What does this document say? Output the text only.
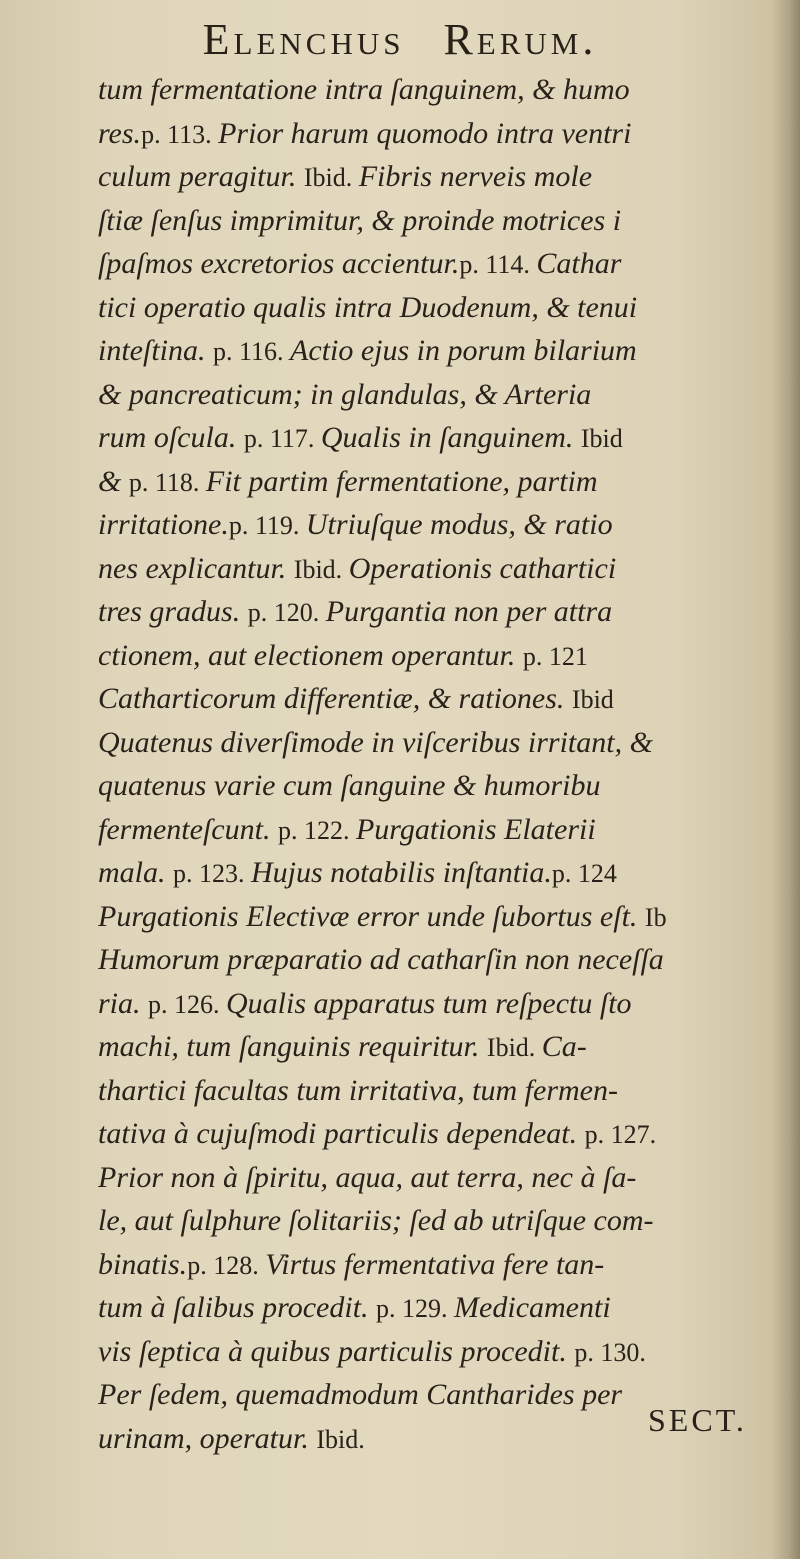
Elenchus Rerum.
tum fermentatione intra ſanguinem, & humo
res.p. 113. Prior harum quomodo intra ventri
culum peragitur. Ibid. Fibris nerveis mole
ſtiæ ſenſus imprimitur, & proinde motrices i
ſpaſmos excretorios accientur.p. 114. Cathar
tici operatio qualis intra Duodenum, & tenui
inteſtina. p. 116. Actio ejus in porum bilarium
& pancreaticum; in glandulas, & Arteria
rum oſcula. p. 117. Qualis in ſanguinem. Ibid
& p. 118. Fit partim fermentatione, partim
irritatione.p. 119. Utriuſque modus, & ratio
nes explicantur. Ibid. Operationis cathartici
tres gradus. p. 120. Purgantia non per attra
ctionem, aut electionem operantur. p. 121
Catharticorum differentiæ, & rationes. Ibid
Quatenus diverſimode in viſceribus irritant, &
quatenus varie cum ſanguine & humoribu
fermenteſcunt. p. 122. Purgationis Elaterii
mala. p. 123. Hujus notabilis inſtantia.p. 124
Purgationis Electivæ error unde ſubortus eſt. Ib
Humorum præparatio ad catharſin non neceſſa
ria. p. 126. Qualis apparatus tum reſpectu ſto
machi, tum ſanguinis requiritur. Ibid. Ca-
thartici facultas tum irritativa, tum fermen-
tativa à cujuſmodi particulis dependeat. p. 127.
Prior non à ſpiritu, aqua, aut terra, nec à ſa-
le, aut ſulphure ſolitariis; ſed ab utriſque com-
binatis.p. 128. Virtus fermentativa fere tan-
tum à ſalibus procedit. p. 129. Medicamenti
vis ſeptica à quibus particulis procedit. p. 130.
Per ſedem, quemadmodum Cantharides per
urinam, operatur. Ibid.
SECT.
